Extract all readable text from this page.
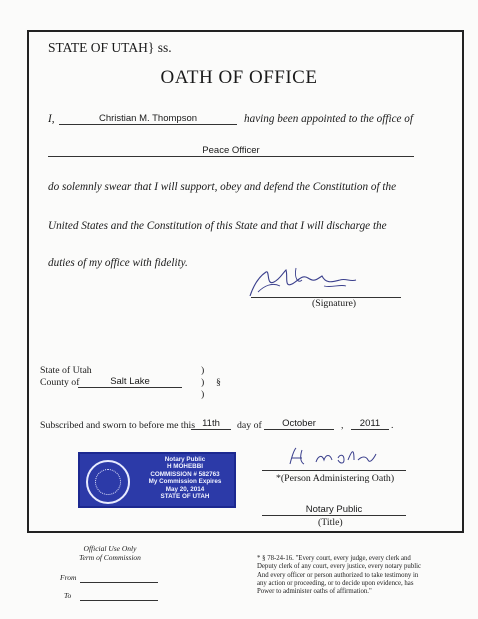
STATE OF UTAH} ss.
OATH OF OFFICE
I,	Christian M. Thompson	having been appointed to the office of
Peace Officer
do solemnly swear that I will support, obey and defend the Constitution of the
United States and the Constitution of this State and that I will discharge the
duties of my office with fidelity.
(Signature)
State of Utah
County of	Salt Lake
)
) §
)
Subscribed and sworn to before me this 11th	day of	October	,	2011	.
Notary Public
H MOHEBBI
COMMISSION # 582763
My Commission Expires
May 20, 2014
STATE OF UTAH
*(Person Administering Oath)
Notary Public
(Title)
Official Use Only
Term of Commission
From
To
* § 78-24-16. "Every court, every judge, every clerk and
Deputy clerk of any court, every justice, every notary public
And every officer or person authorized to take testimony in
any action or proceeding, or to decide upon evidence, has
Power to administer oaths of affirmation."
